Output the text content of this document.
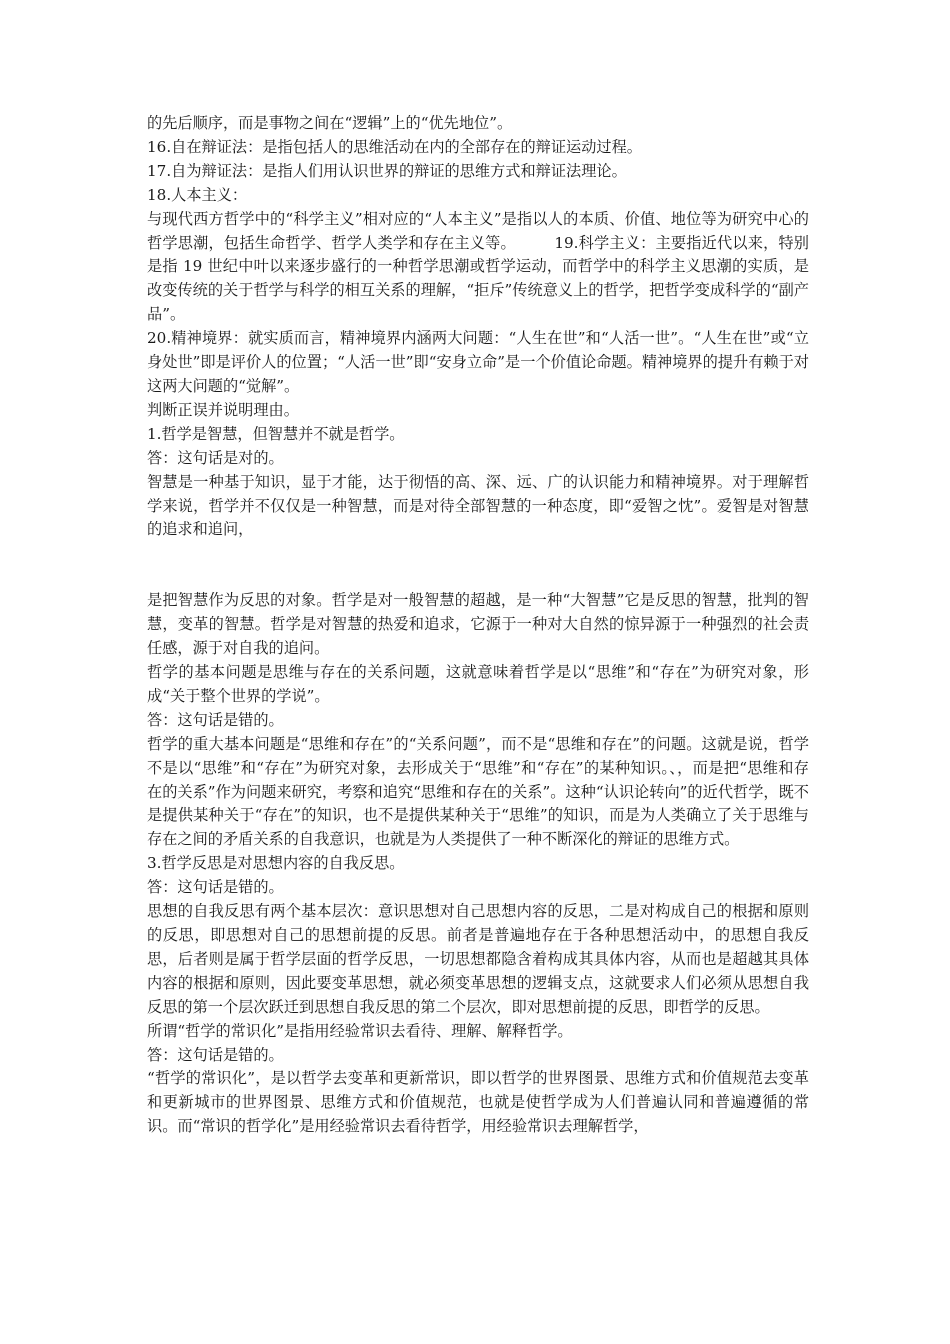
的先后顺序，而是事物之间在“逻辑”上的“优先地位”。

16.自在辩证法：是指包括人的思维活动在内的全部存在的辩证运动过程。

17.自为辩证法：是指人们用认识世界的辩证的思维方式和辩证法理论。

18.人本主义：

与现代西方哲学中的“科学主义”相对应的“人本主义”是指以人的本质、价值、地位等为研究中心的哲学思潮，包括生命哲学、哲学人类学和存在主义等。　　　19.科学主义：主要指近代以来，特别是指 19 世纪中叶以来逐步盛行的一种哲学思潮或哲学运动，而哲学中的科学主义思潮的实质，是改变传统的关于哲学与科学的相互关系的理解，“拒斥”传统意义上的哲学，把哲学变成科学的“副产品”。

20.精神境界：就实质而言，精神境界内涵两大问题：“人生在世”和“人活一世”。“人生在世”或“立身处世”即是评价人的位置；“人活一世”即“安身立命”是一个价值论命题。精神境界的提升有赖于对这两大问题的“觉解”。

判断正误并说明理由。

1.哲学是智慧，但智慧并不就是哲学。

答：这句话是对的。

智慧是一种基于知识，显于才能，达于彻悟的高、深、远、广的认识能力和精神境界。对于理解哲学来说，哲学并不仅仅是一种智慧，而是对待全部智慧的一种态度，即“爱智之忱”。爱智是对智慧的追求和追问，

是把智慧作为反思的对象。哲学是对一般智慧的超越，是一种“大智慧”它是反思的智慧，批判的智慧，变革的智慧。哲学是对智慧的热爱和追求，它源于一种对大自然的惊异源于一种强烈的社会责任感，源于对自我的追问。

哲学的基本问题是思维与存在的关系问题，这就意味着哲学是以“思维”和“存在”为研究对象，形成“关于整个世界的学说”。

答：这句话是错的。

哲学的重大基本问题是“思维和存在”的“关系问题”，而不是“思维和存在”的问题。这就是说，哲学不是以“思维”和“存在”为研究对象，去形成关于“思维”和“存在”的某种知识。、，而是把“思维和存在的关系”作为问题来研究，考察和追究“思维和存在的关系”。这种“认识论转向”的近代哲学，既不是提供某种关于“存在”的知识，也不是提供某种关于“思维”的知识，而是为人类确立了关于思维与存在之间的矛盾关系的自我意识，也就是为人类提供了一种不断深化的辩证的思维方式。

3.哲学反思是对思想内容的自我反思。

答：这句话是错的。

思想的自我反思有两个基本层次：意识思想对自己思想内容的反思，二是对构成自己的根据和原则的反思，即思想对自己的思想前提的反思。前者是普遍地存在于各种思想活动中，的思想自我反思，后者则是属于哲学层面的哲学反思，一切思想都隐含着构成其具体内容，从而也是超越其具体内容的根据和原则，因此要变革思想，就必须变革思想的逻辑支点，这就要求人们必须从思想自我反思的第一个层次跃迁到思想自我反思的第二个层次，即对思想前提的反思，即哲学的反思。

所谓“哲学的常识化”是指用经验常识去看待、理解、解释哲学。

答：这句话是错的。

“哲学的常识化”，是以哲学去变革和更新常识，即以哲学的世界图景、思维方式和价值规范去变革和更新城市的世界图景、思维方式和价值规范，也就是使哲学成为人们普遍认同和普遍遵循的常识。而“常识的哲学化”是用经验常识去看待哲学，用经验常识去理解哲学，
